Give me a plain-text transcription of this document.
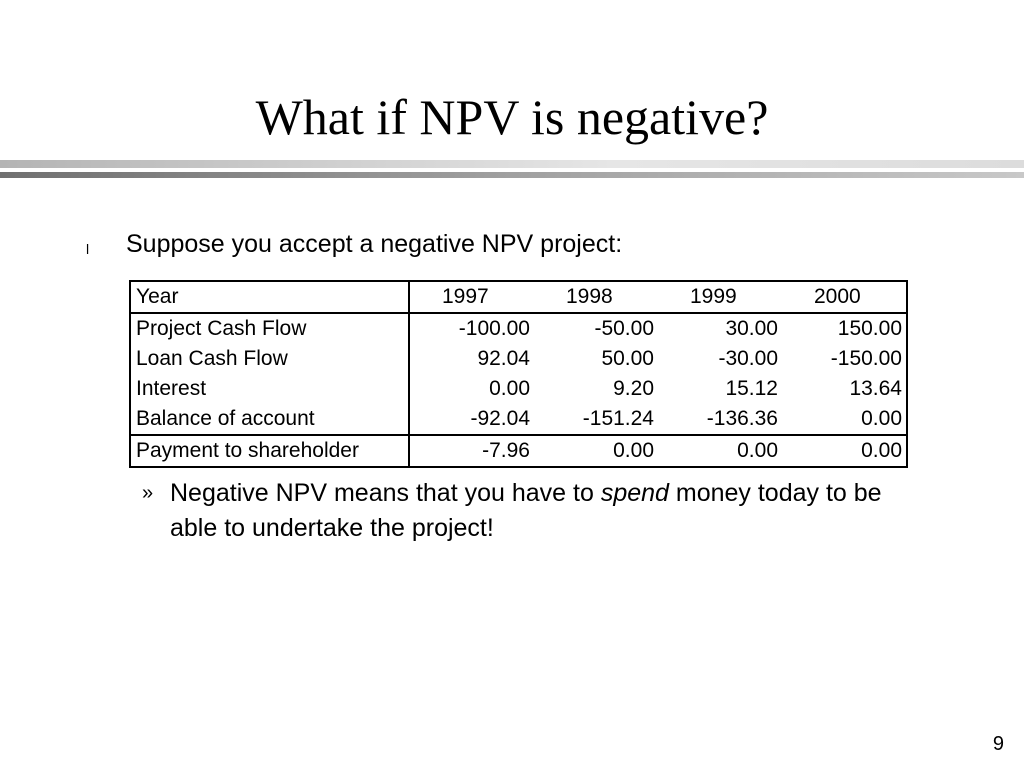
What if NPV is negative?
l Suppose you accept a negative NPV project:
Year	1997	1998	1999	2000
Project Cash Flow	-100.00	-50.00	30.00	150.00
Loan Cash Flow	92.04	50.00	-30.00	-150.00
Interest	0.00	9.20	15.12	13.64
Balance of account	-92.04	-151.24	-136.36	0.00
Payment to shareholder	-7.96	0.00	0.00	0.00
» Negative NPV means that you have to spend money today to be able to undertake the project!
9
